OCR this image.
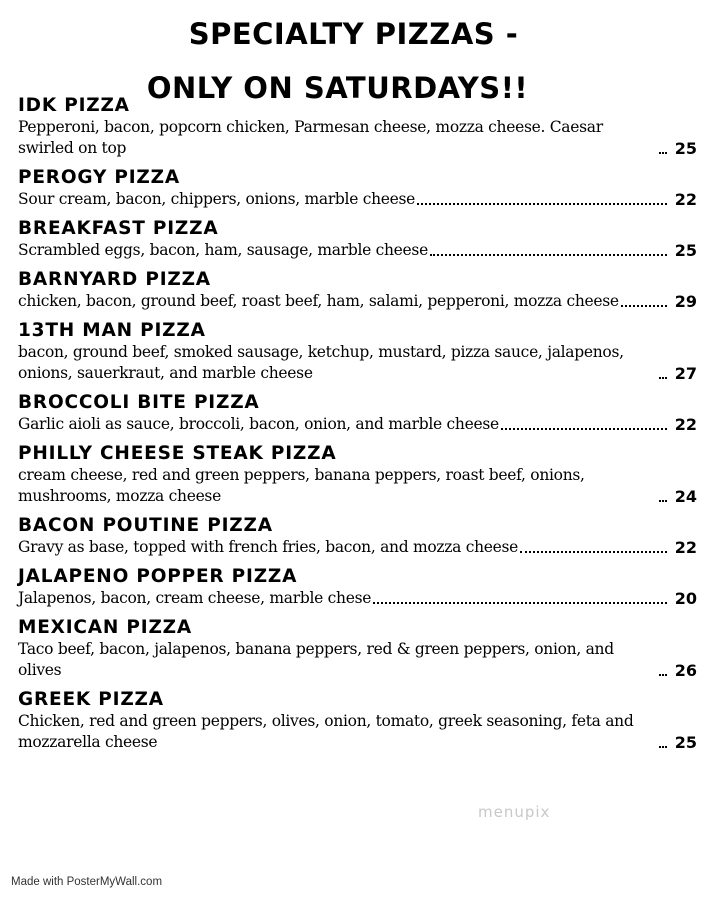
SPECIALTY PIZZAS -
ONLY ON SATURDAYS!!
IDK PIZZA
Pepperoni, bacon, popcorn chicken, Parmesan cheese, mozza cheese. Caesar swirled on top	25
PEROGY PIZZA
Sour cream, bacon, chippers, onions, marble cheese	22
BREAKFAST PIZZA
Scrambled eggs, bacon, ham, sausage, marble cheese	25
BARNYARD PIZZA
chicken, bacon, ground beef, roast beef, ham, salami, pepperoni, mozza cheese	29
13TH MAN PIZZA
bacon, ground beef, smoked sausage, ketchup, mustard, pizza sauce, jalapenos, onions, sauerkraut, and marble cheese	27
BROCCOLI BITE PIZZA
Garlic aioli as sauce, broccoli, bacon, onion, and marble cheese	22
PHILLY CHEESE STEAK PIZZA
cream cheese, red and green peppers, banana peppers, roast beef, onions, mushrooms, mozza cheese	24
BACON POUTINE PIZZA
Gravy as base, topped with french fries, bacon, and mozza cheese	22
JALAPENO POPPER PIZZA
Jalapenos, bacon, cream cheese, marble chese	20
MEXICAN PIZZA
Taco beef, bacon, jalapenos, banana peppers, red & green peppers, onion, and olives	26
GREEK PIZZA
Chicken, red and green peppers, olives, onion, tomato, greek seasoning, feta and mozzarella cheese	25
menupix
Made with PosterMyWall.com
